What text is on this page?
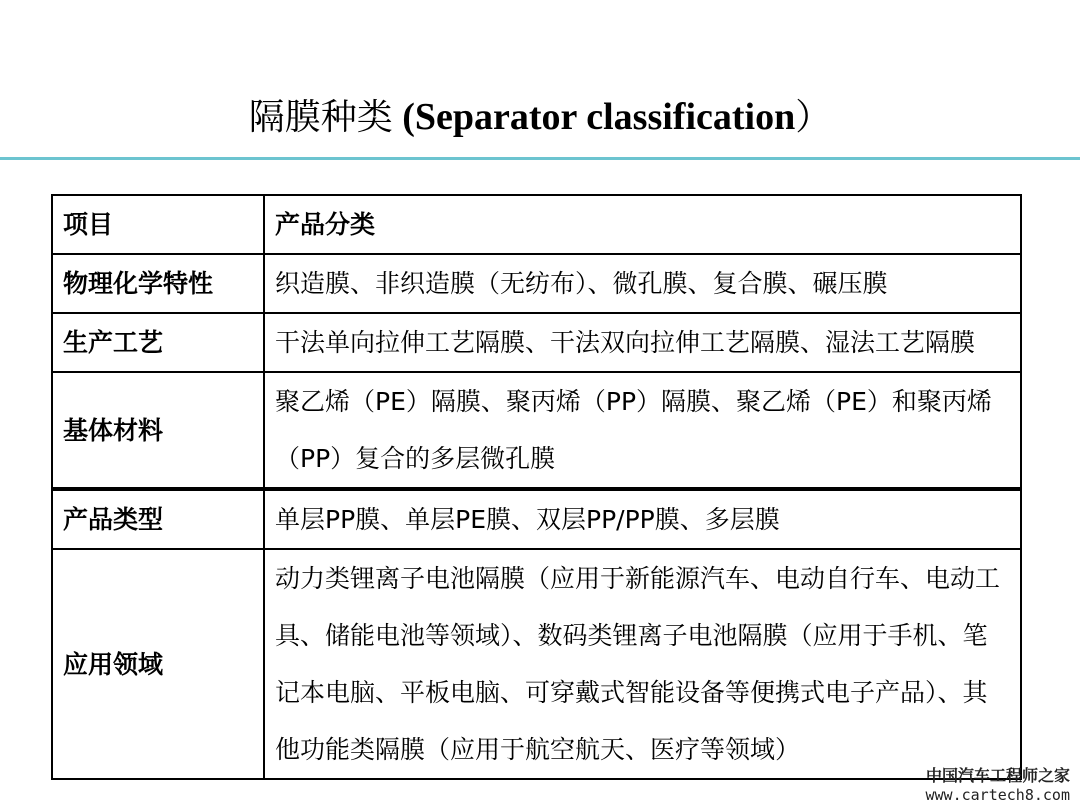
隔膜种类 (Separator classification）
项目	产品分类
物理化学特性	织造膜、非织造膜（无纺布）、微孔膜、复合膜、碾压膜
生产工艺	干法单向拉伸工艺隔膜、干法双向拉伸工艺隔膜、湿法工艺隔膜
基体材料	聚乙烯（PE）隔膜、聚丙烯（PP）隔膜、聚乙烯（PE）和聚丙烯（PP）复合的多层微孔膜
产品类型	单层PP膜、单层PE膜、双层PP/PP膜、多层膜
应用领域	动力类锂离子电池隔膜（应用于新能源汽车、电动自行车、电动工具、储能电池等领域）、数码类锂离子电池隔膜（应用于手机、笔记本电脑、平板电脑、可穿戴式智能设备等便携式电子产品）、其他功能类隔膜（应用于航空航天、医疗等领域）
中国汽车工程师之家
www.cartech8.com
